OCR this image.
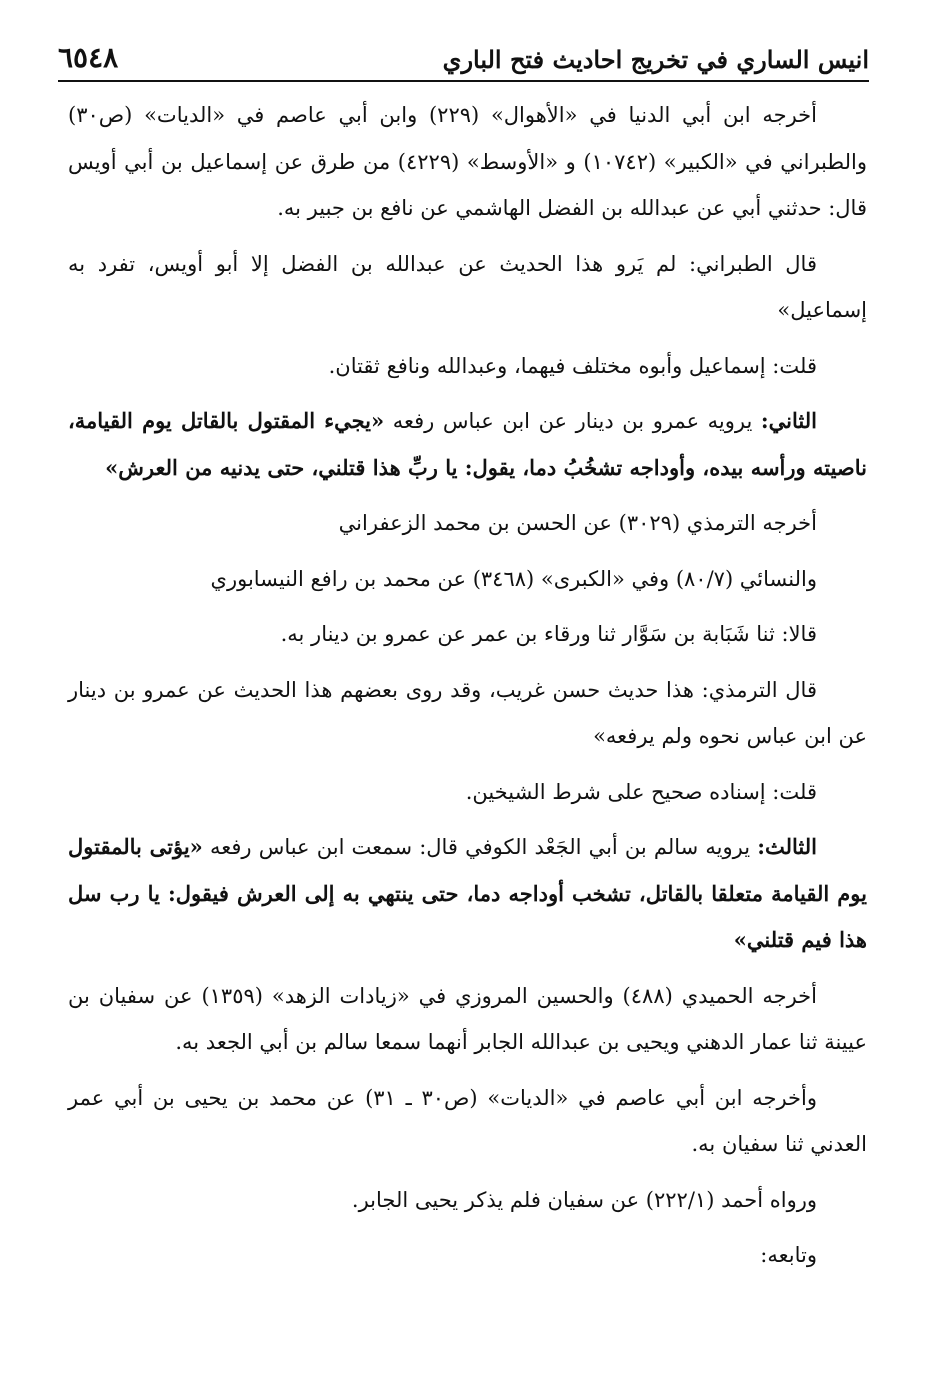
انيس الساري في تخريج احاديث فتح الباري
٦٥٤٨

أخرجه ابن أبي الدنيا في «الأهوال» (٢٢٩) وابن أبي عاصم في «الديات» (ص٣٠) والطبراني في «الكبير» (١٠٧٤٢) و «الأوسط» (٤٢٢٩) من طرق عن إسماعيل بن أبي أويس قال: حدثني أبي عن عبدالله بن الفضل الهاشمي عن نافع بن جبير به.

قال الطبراني: لم يَرو هذا الحديث عن عبدالله بن الفضل إلا أبو أويس، تفرد به إسماعيل»

قلت: إسماعيل وأبوه مختلف فيهما، وعبدالله ونافع ثقتان.

الثاني: يرويه عمرو بن دينار عن ابن عباس رفعه «يجيء المقتول بالقاتل يوم القيامة، ناصيته ورأسه بيده، وأوداجه تشخُبُ دما، يقول: يا ربِّ هذا قتلني، حتى يدنيه من العرش»

أخرجه الترمذي (٣٠٢٩) عن الحسن بن محمد الزعفراني

والنسائي (٨٠/٧) وفي «الكبرى» (٣٤٦٨) عن محمد بن رافع النيسابوري

قالا: ثنا شَبَابة بن سَوَّار ثنا ورقاء بن عمر عن عمرو بن دينار به.

قال الترمذي: هذا حديث حسن غريب، وقد روى بعضهم هذا الحديث عن عمرو بن دينار عن ابن عباس نحوه ولم يرفعه»

قلت: إسناده صحيح على شرط الشيخين.

الثالث: يرويه سالم بن أبي الجَعْد الكوفي قال: سمعت ابن عباس رفعه «يؤتى بالمقتول يوم القيامة متعلقا بالقاتل، تشخب أوداجه دما، حتى ينتهي به إلى العرش فيقول: يا رب سل هذا فيم قتلني»

أخرجه الحميدي (٤٨٨) والحسين المروزي في «زيادات الزهد» (١٣٥٩) عن سفيان بن عيينة ثنا عمار الدهني ويحيى بن عبدالله الجابر أنهما سمعا سالم بن أبي الجعد به.

وأخرجه ابن أبي عاصم في «الديات» (ص٣٠ ـ ٣١) عن محمد بن يحيى بن أبي عمر العدني ثنا سفيان به.

ورواه أحمد (٢٢٢/١) عن سفيان فلم يذكر يحيى الجابر.

وتابعه:
